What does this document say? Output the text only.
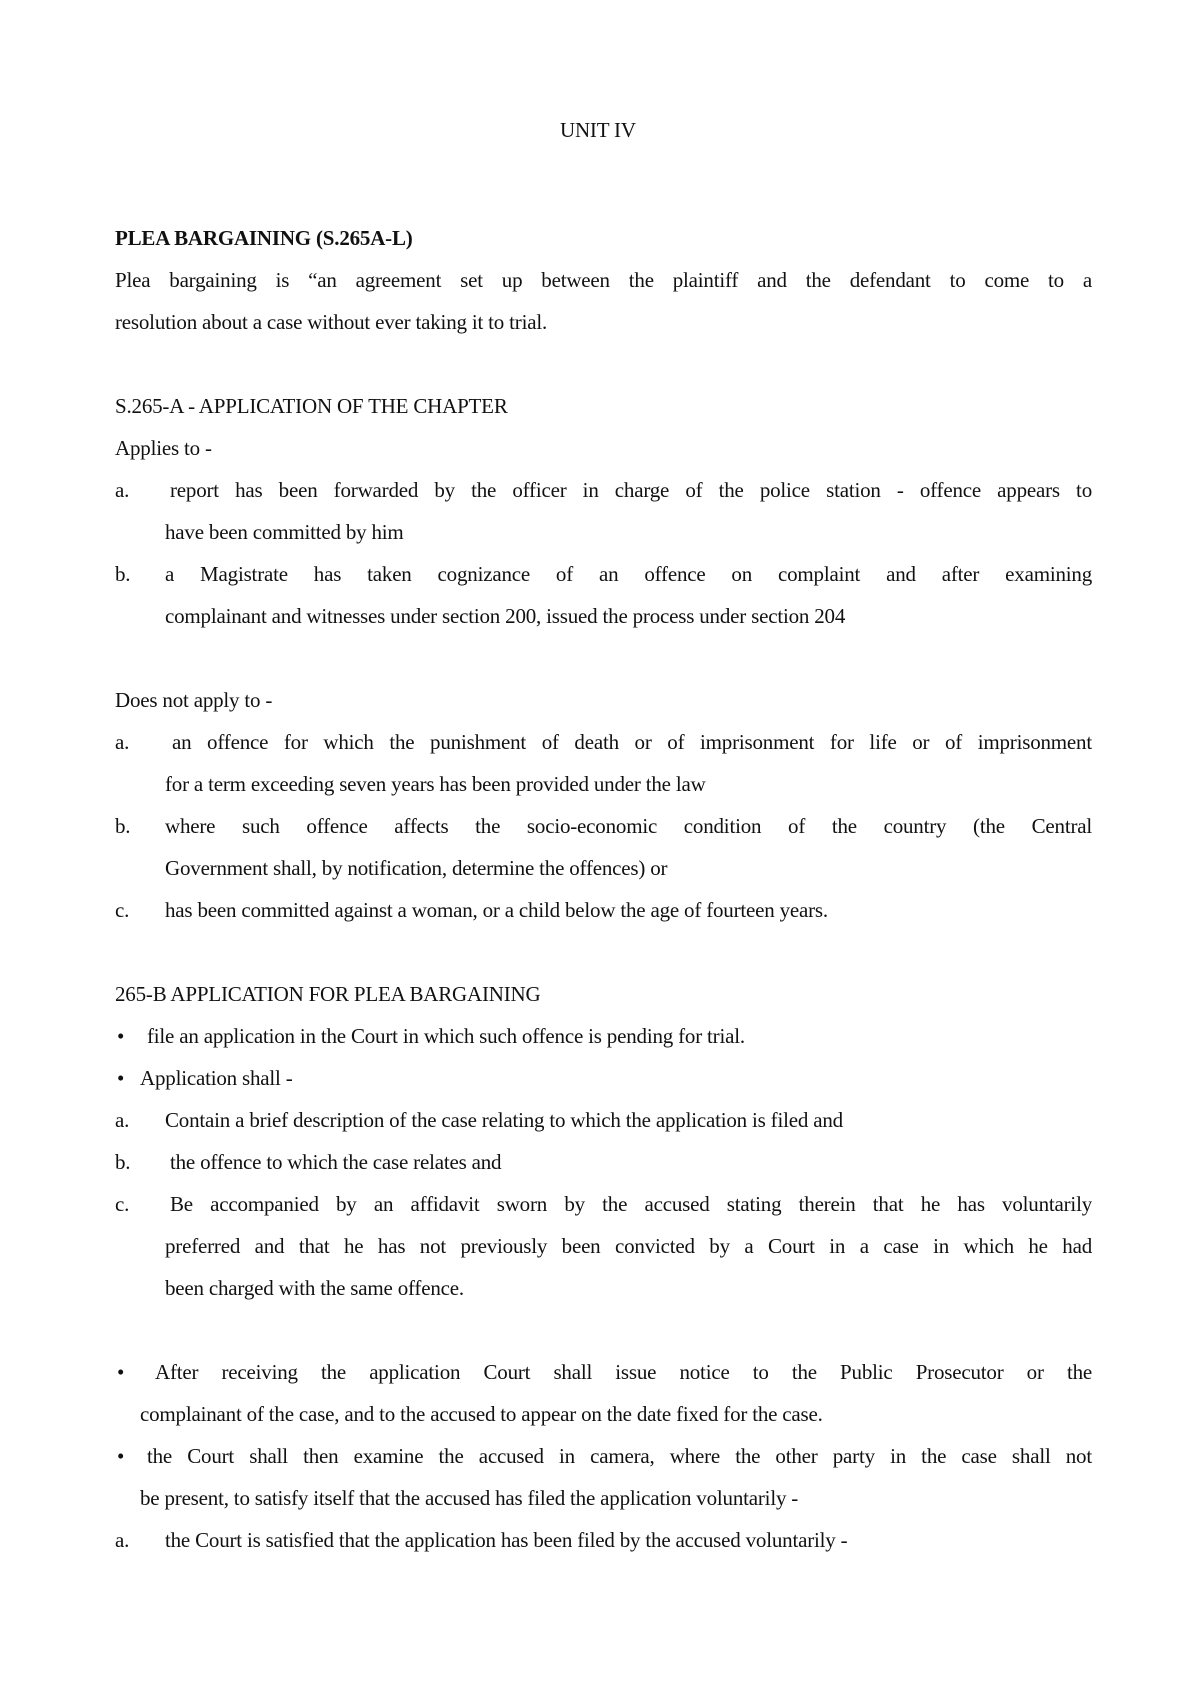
UNIT IV
PLEA BARGAINING (S.265A-L)

Plea bargaining is “an agreement set up between the plaintiff and the defendant to come to a

resolution about a case without ever taking it to trial.
S.265-A - APPLICATION OF THE CHAPTER
Applies to -
a. report has been forwarded by the officer in charge of the police station - offence appears to

have been committed by him
b. a Magistrate has taken cognizance of an offence on complaint and after examining

complainant and witnesses under section 200, issued the process under section 204
Does not apply to -
a. an offence for which the punishment of death or of imprisonment for life or of imprisonment

for a term exceeding seven years has been provided under the law
b. where such offence affects the socio-economic condition of the country (the Central

Government shall, by notification, determine the offences) or
c. has been committed against a woman, or a child below the age of fourteen years.
265-B APPLICATION FOR PLEA BARGAINING
• file an application in the Court in which such offence is pending for trial.
• Application shall -
a. Contain a brief description of the case relating to which the application is filed and
b. the offence to which the case relates and
c. Be accompanied by an affidavit sworn by the accused stating therein that he has voluntarily

preferred and that he has not previously been convicted by a Court in a case in which he had

been charged with the same offence.
• After receiving the application Court shall issue notice to the Public Prosecutor or the

complainant of the case, and to the accused to appear on the date fixed for the case.
• the Court shall then examine the accused in camera, where the other party in the case shall not

be present, to satisfy itself that the accused has filed the application voluntarily -
a. the Court is satisfied that the application has been filed by the accused voluntarily -
